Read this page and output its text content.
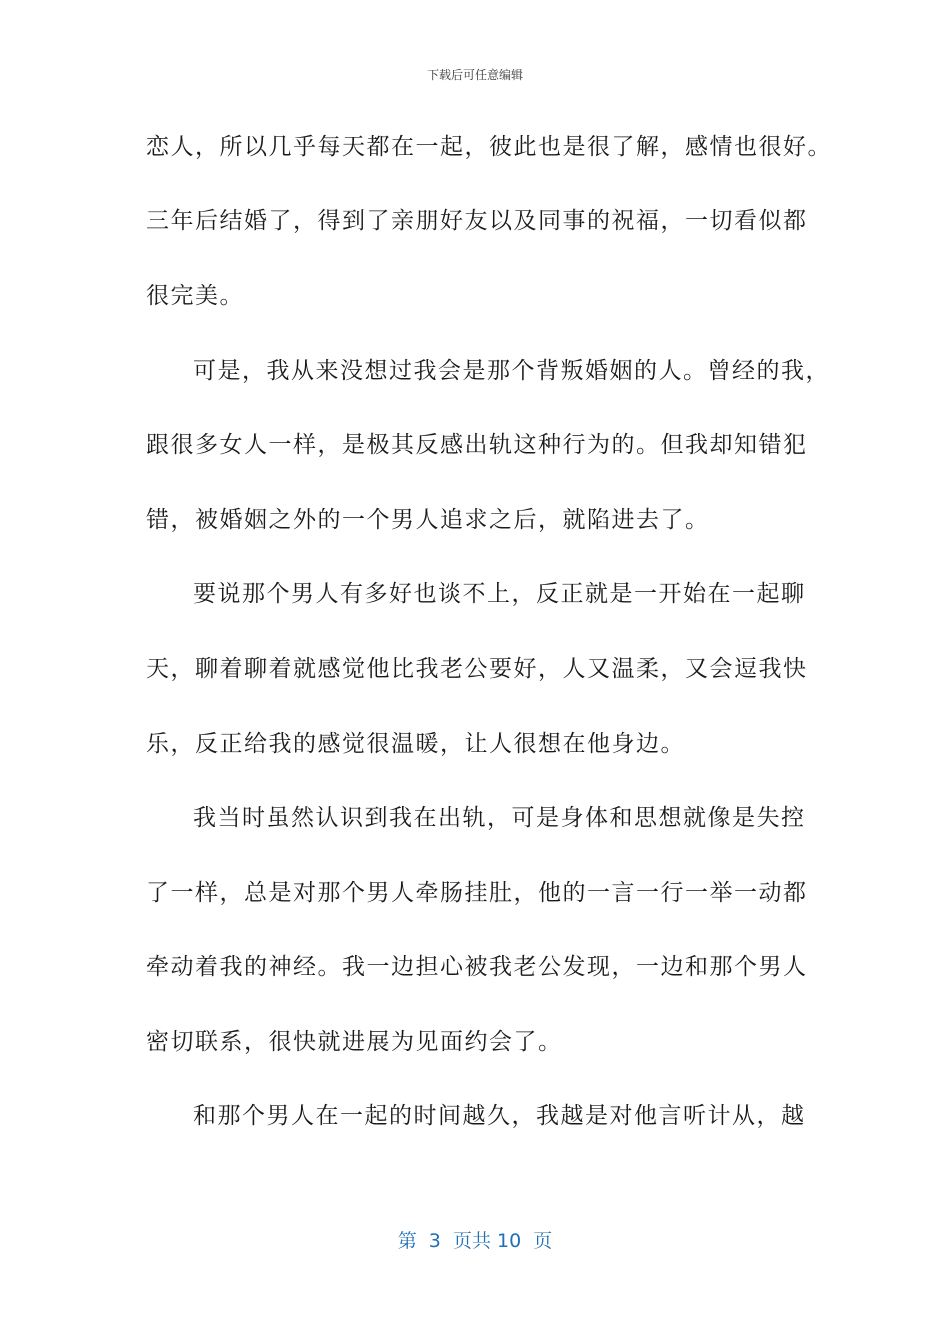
下载后可任意编辑
恋人，所以几乎每天都在一起，彼此也是很了解，感情也很好。
三年后结婚了，得到了亲朋好友以及同事的祝福，一切看似都
很完美。
可是，我从来没想过我会是那个背叛婚姻的人。曾经的我，
跟很多女人一样，是极其反感出轨这种行为的。但我却知错犯
错，被婚姻之外的一个男人追求之后，就陷进去了。
要说那个男人有多好也谈不上，反正就是一开始在一起聊
天，聊着聊着就感觉他比我老公要好，人又温柔，又会逗我快
乐，反正给我的感觉很温暖，让人很想在他身边。
我当时虽然认识到我在出轨，可是身体和思想就像是失控
了一样，总是对那个男人牵肠挂肚，他的一言一行一举一动都
牵动着我的神经。我一边担心被我老公发现，一边和那个男人
密切联系，很快就进展为见面约会了。
和那个男人在一起的时间越久，我越是对他言听计从，越
第  3  页共 10  页
